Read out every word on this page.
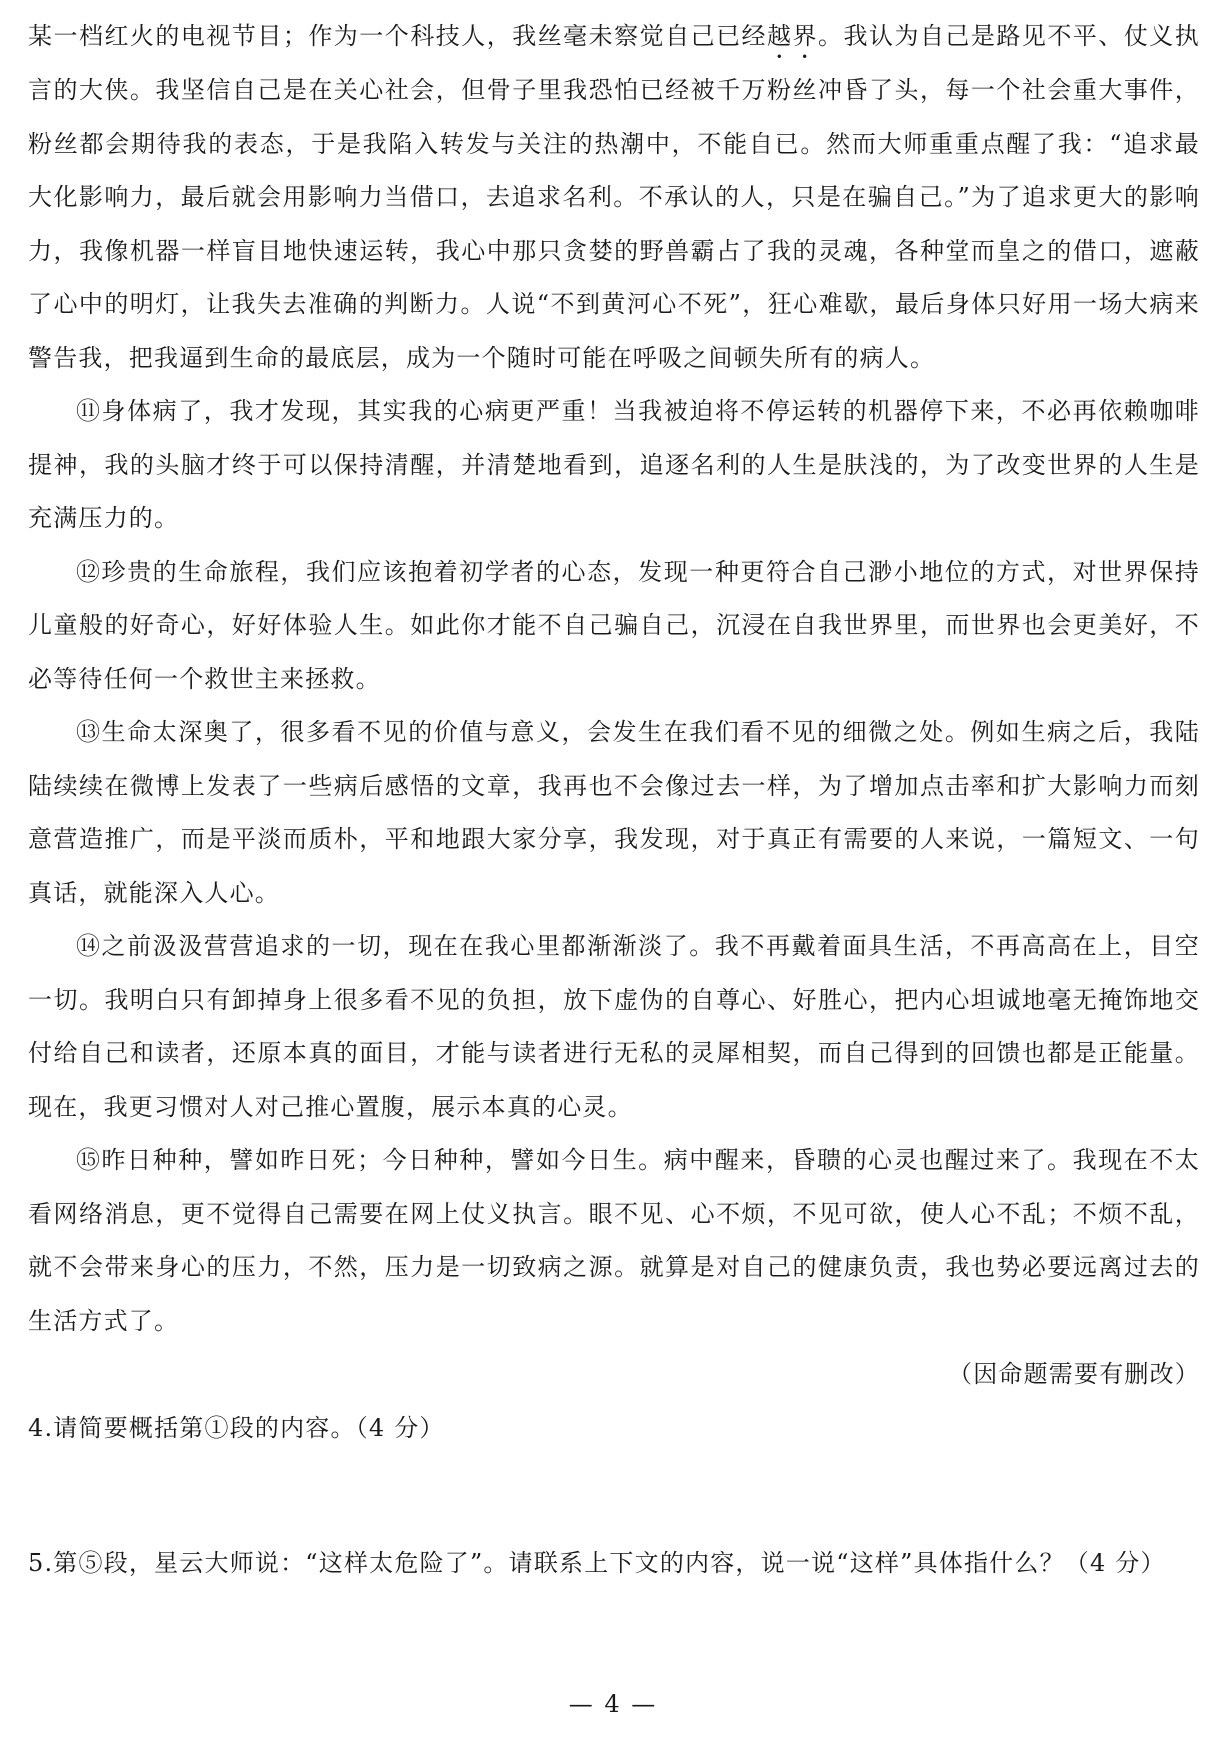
某一档红火的电视节目；作为一个科技人，我丝毫未察觉自己已经越界。我认为自己是路见不平、仗义执言的大侠。我坚信自己是在关心社会，但骨子里我恐怕已经被千万粉丝冲昏了头，每一个社会重大事件，粉丝都会期待我的表态，于是我陷入转发与关注的热潮中，不能自已。然而大师重重点醒了我：“追求最大化影响力，最后就会用影响力当借口，去追求名利。不承认的人，只是在骗自己。”为了追求更大的影响力，我像机器一样盲目地快速运转，我心中那只贪婪的野兽霸占了我的灵魂，各种堂而皇之的借口，遮蔽了心中的明灯，让我失去准确的判断力。人说“不到黄河心不死”，狂心难歇，最后身体只好用一场大病来警告我，把我逼到生命的最底层，成为一个随时可能在呼吸之间顿失所有的病人。

⑪身体病了，我才发现，其实我的心病更严重！当我被迫将不停运转的机器停下来，不必再依赖咖啡提神，我的头脑才终于可以保持清醒，并清楚地看到，追逐名利的人生是肤浅的，为了改变世界的人生是充满压力的。

⑫珍贵的生命旅程，我们应该抱着初学者的心态，发现一种更符合自己渺小地位的方式，对世界保持儿童般的好奇心，好好体验人生。如此你才能不自己骗自己，沉浸在自我世界里，而世界也会更美好，不必等待任何一个救世主来拯救。

⑬生命太深奥了，很多看不见的价值与意义，会发生在我们看不见的细微之处。例如生病之后，我陆陆续续在微博上发表了一些病后感悟的文章，我再也不会像过去一样，为了增加点击率和扩大影响力而刻意营造推广，而是平淡而质朴，平和地跟大家分享，我发现，对于真正有需要的人来说，一篇短文、一句真话，就能深入人心。

⑭之前汲汲营营追求的一切，现在在我心里都渐渐淡了。我不再戴着面具生活，不再高高在上，目空一切。我明白只有卸掉身上很多看不见的负担，放下虚伪的自尊心、好胜心，把内心坦诚地毫无掩饰地交付给自己和读者，还原本真的面目，才能与读者进行无私的灵犀相契，而自己得到的回馈也都是正能量。现在，我更习惯对人对己推心置腹，展示本真的心灵。

⑮昨日种种，譬如昨日死；今日种种，譬如今日生。病中醒来，昏聩的心灵也醒过来了。我现在不太看网络消息，更不觉得自己需要在网上仗义执言。眼不见、心不烦，不见可欲，使人心不乱；不烦不乱，就不会带来身心的压力，不然，压力是一切致病之源。就算是对自己的健康负责，我也势必要远离过去的生活方式了。

（因命题需要有删改）

4.请简要概括第①段的内容。（4 分）

5.第⑤段，星云大师说：“这样太危险了”。请联系上下文的内容，说一说“这样”具体指什么？（4 分）

— 4 —
